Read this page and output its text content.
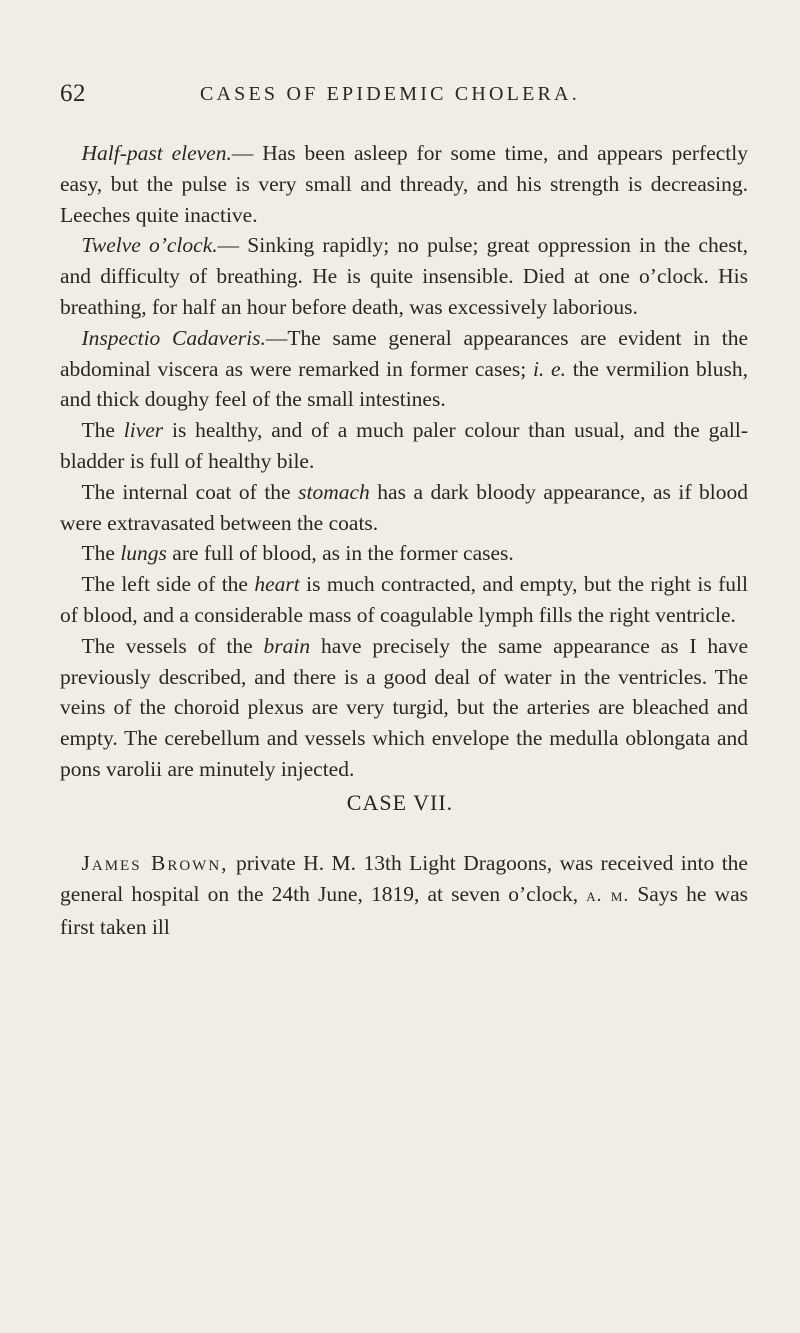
62	CASES OF EPIDEMIC CHOLERA.

 Half-past eleven.— Has been asleep for some time, and appears perfectly easy, but the pulse is very small and thready, and his strength is decreasing. Leeches quite inactive.

 Twelve o’clock.— Sinking rapidly; no pulse; great oppression in the chest, and difficulty of breathing. He is quite insensible. Died at one o’clock. His breathing, for half an hour before death, was excessively laborious.

 Inspectio Cadaveris.—The same general appearances are evident in the abdominal viscera as were remarked in former cases; i. e. the vermilion blush, and thick doughy feel of the small intestines.

 The liver is healthy, and of a much paler colour than usual, and the gall-bladder is full of healthy bile.

 The internal coat of the stomach has a dark bloody appearance, as if blood were extravasated between the coats.

 The lungs are full of blood, as in the former cases.

 The left side of the heart is much contracted, and empty, but the right is full of blood, and a considerable mass of coagulable lymph fills the right ventricle.

 The vessels of the brain have precisely the same appearance as I have previously described, and there is a good deal of water in the ventricles. The veins of the choroid plexus are very turgid, but the arteries are bleached and empty. The cerebellum and vessels which envelope the medulla oblongata and pons varolii are minutely injected.

CASE VII.

 James Brown, private H. M. 13th Light Dragoons, was received into the general hospital on the 24th June, 1819, at seven o’clock, a. m. Says he was first taken ill
